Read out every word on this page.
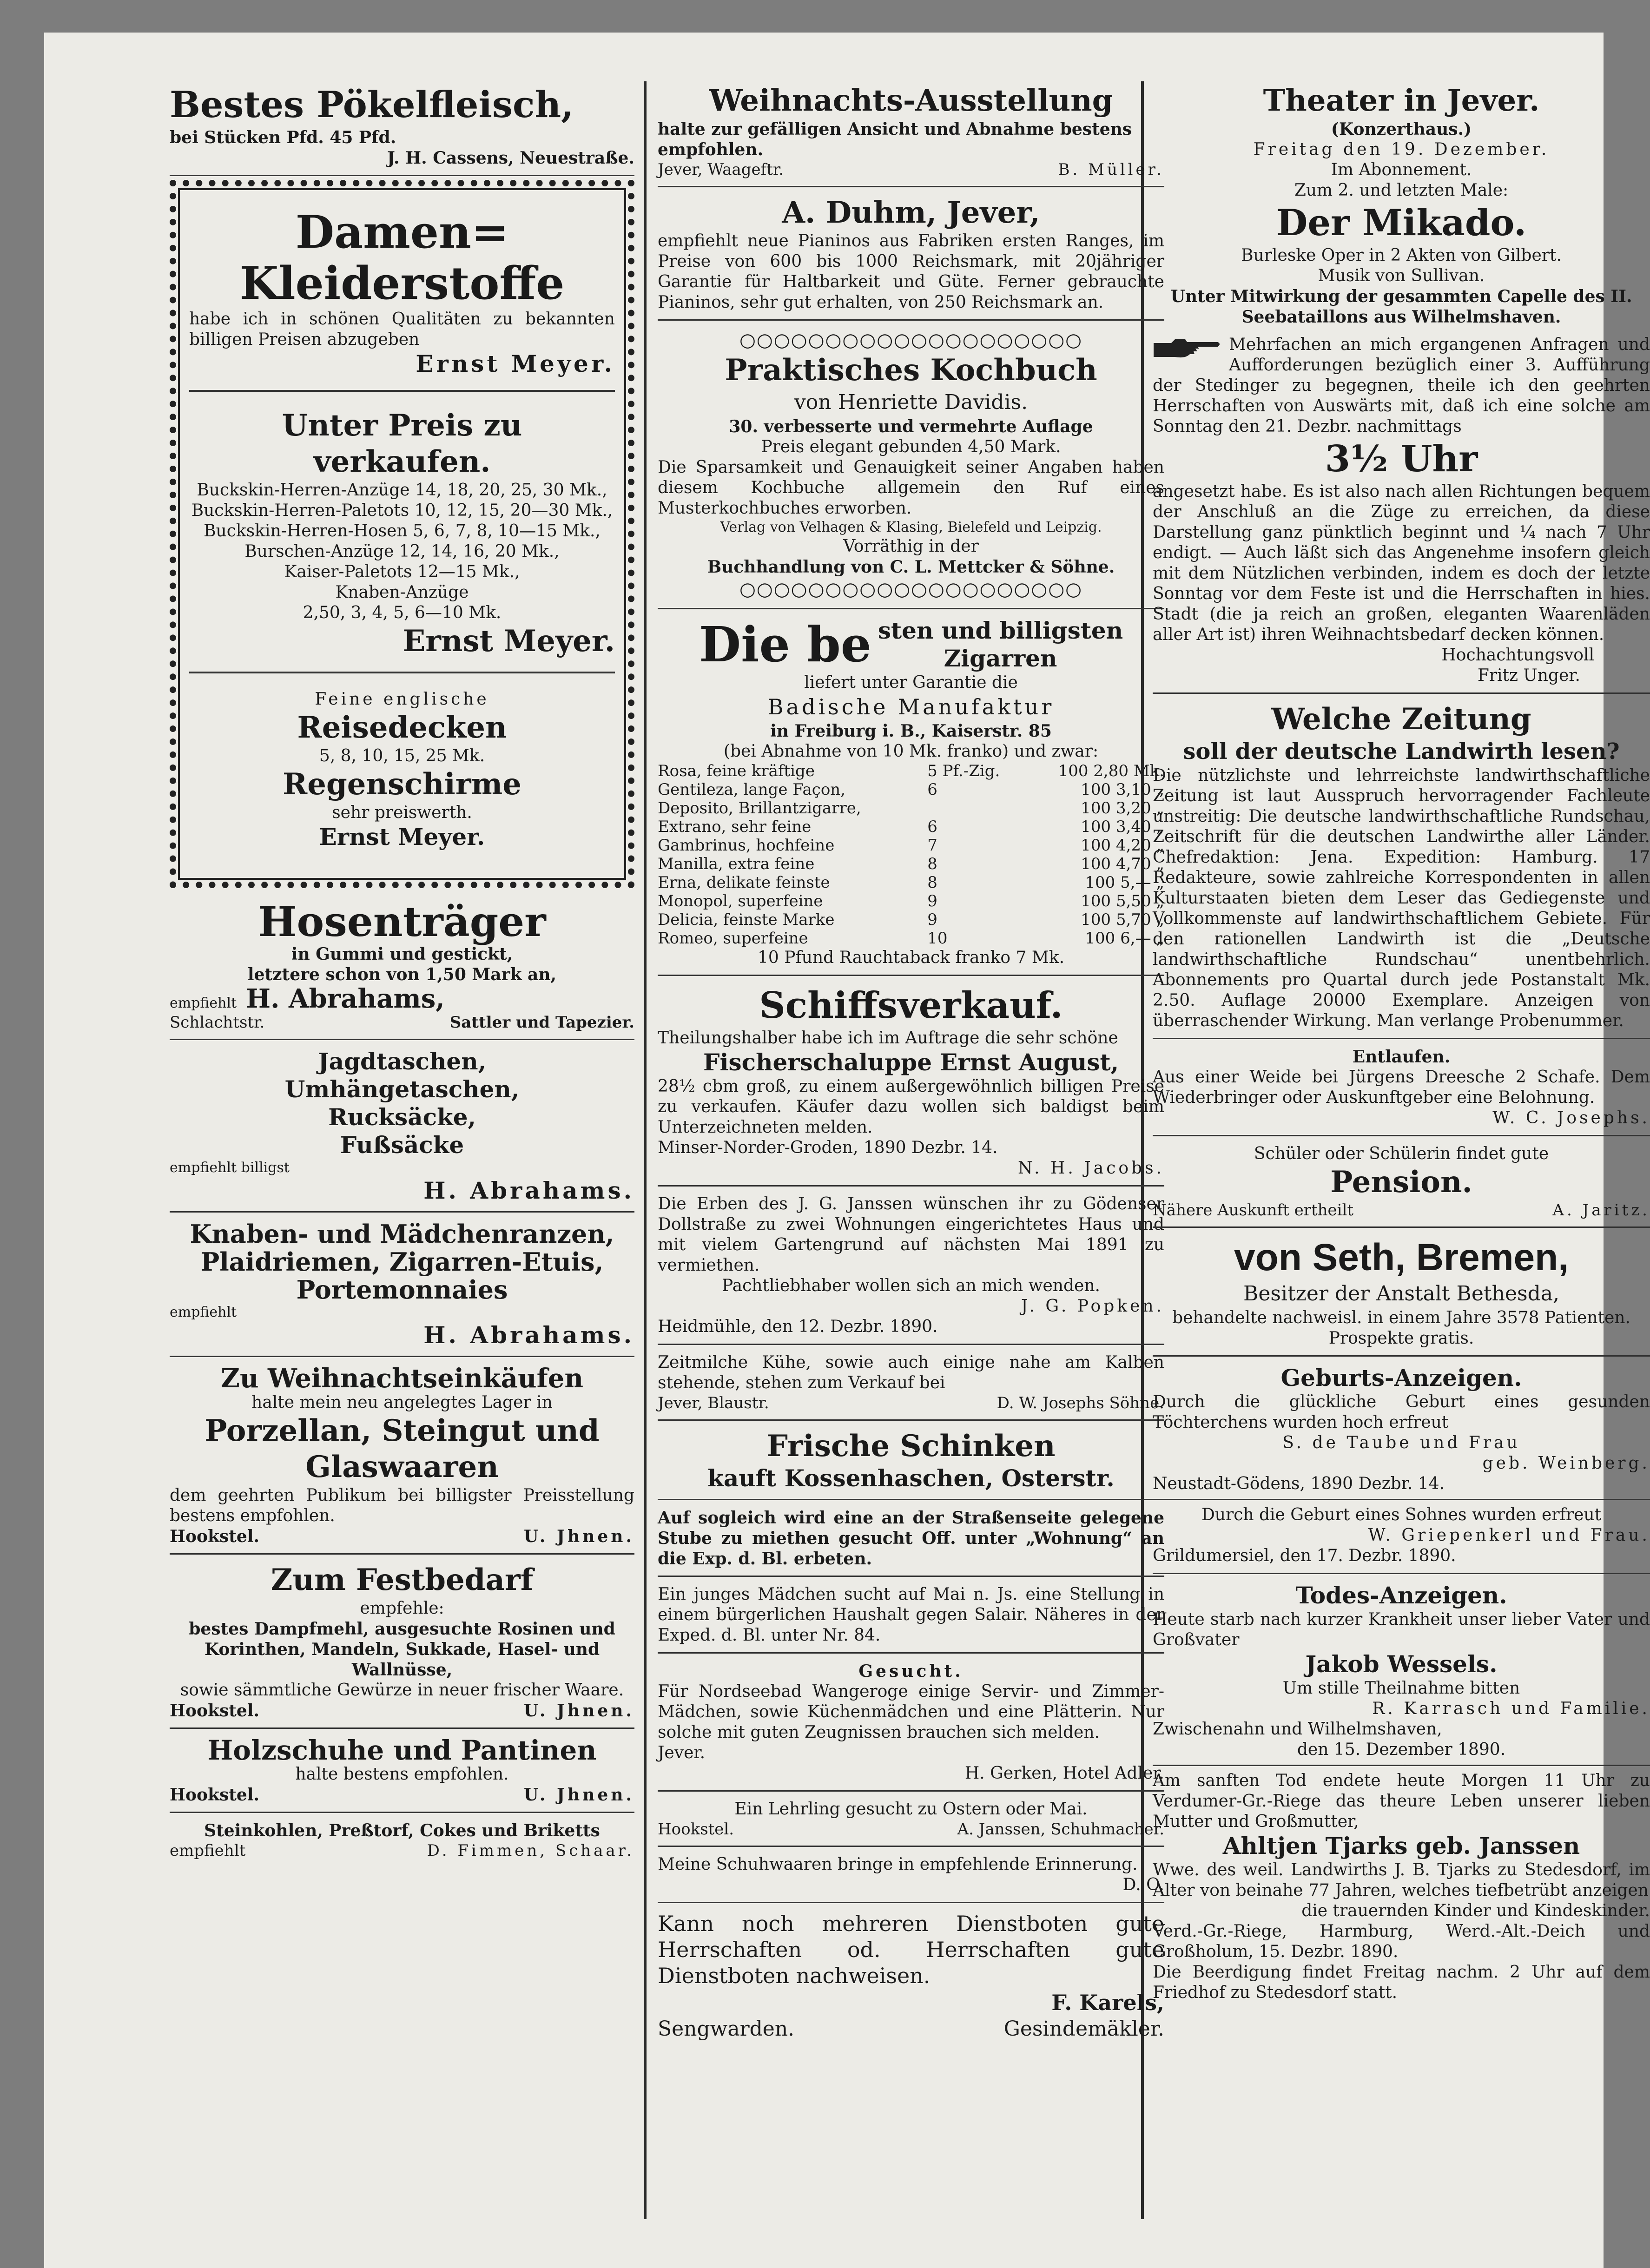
Bestes Pökelfleisch,
bei Stücken Pfd. 45 Pfd.
J. H. Cassens, Neuestraße.
Damen=
Kleiderstoffe
habe ich in schönen Qualitäten zu bekannten billigen Preisen abzugeben
Ernst Meyer.
Unter Preis zu verkaufen.
Buckskin-Herren-Anzüge 14, 18, 20, 25, 30 Mk.,
Buckskin-Herren-Paletots 10, 12, 15, 20—30 Mk.,
Buckskin-Herren-Hosen 5, 6, 7, 8, 10—15 Mk.,
Burschen-Anzüge 12, 14, 16, 20 Mk.,
Kaiser-Paletots 12—15 Mk.,
Knaben-Anzüge
2,50, 3, 4, 5, 6—10 Mk.
Ernst Meyer.
Feine englische
Reisedecken
5, 8, 10, 15, 25 Mk.
Regenschirme
sehr preiswerth.
Ernst Meyer.
Hosenträger
in Gummi und gestickt,
letztere schon von 1,50 Mark an,
empfiehlt H. Abrahams,
Schlachtstr.	Sattler und Tapezier.
Jagdtaschen,
Umhängetaschen,
Rucksäcke,
Fußsäcke
empfiehlt billigst
H. Abrahams.
Knaben- und Mädchenranzen,
Plaidriemen, Zigarren-Etuis,
Portemonnaies
empfiehlt
H. Abrahams.
Zu Weihnachtseinkäufen
halte mein neu angelegtes Lager in
Porzellan, Steingut und
Glaswaaren
dem geehrten Publikum bei billigster Preisstellung bestens empfohlen.
Hookstel.	U. Jhnen.
Zum Festbedarf
empfehle:
bestes Dampfmehl, ausgesuchte Rosinen und Korinthen, Mandeln, Sukkade, Hasel- und Wallnüsse,
sowie sämmtliche Gewürze in neuer frischer Waare.
Hookstel.	U. Jhnen.
Holzschuhe und Pantinen
halte bestens empfohlen.
Hookstel.	U. Jhnen.
Steinkohlen, Preßtorf, Cokes und Briketts
empfiehlt	D. Fimmen, Schaar.
Weihnachts-Ausstellung
halte zur gefälligen Ansicht und Abnahme bestens empfohlen.
Jever, Waageftr.	B. Müller.
A. Duhm, Jever,
empfiehlt neue Pianinos aus Fabriken ersten Ranges, im Preise von 600 bis 1000 Reichsmark, mit 20jähriger Garantie für Haltbarkeit und Güte. Ferner gebrauchte Pianinos, sehr gut erhalten, von 250 Reichsmark an.
○○○○○○○○○○○○○○○○○○○○
Praktisches Kochbuch
von Henriette Davidis.
30. verbesserte und vermehrte Auflage
Preis elegant gebunden 4,50 Mark.
Die Sparsamkeit und Genauigkeit seiner Angaben haben diesem Kochbuche allgemein den Ruf eines Musterkochbuches erworben.
Verlag von Velhagen & Klasing, Bielefeld und Leipzig.
Vorräthig in der
Buchhandlung von C. L. Mettcker & Söhne.
○○○○○○○○○○○○○○○○○○○○
Die be sten und billigsten
Zigarren
liefert unter Garantie die
Badische Manufaktur
in Freiburg i. B., Kaiserstr. 85
(bei Abnahme von 10 Mk. franko) und zwar:
Rosa, feine kräftige	5 Pf.-Zig.	100 2,80 Mk.
Gentileza, lange Façon,	6	100 3,10 „
Deposito, Brillantzigarre,		100 3,20 „
Extrano, sehr feine	6	100 3,40 „
Gambrinus, hochfeine	7	100 4,20 „
Manilla, extra feine	8	100 4,70 „
Erna, delikate feinste	8	100 5,— „
Monopol, superfeine	9	100 5,50 „
Delicia, feinste Marke	9	100 5,70 „
Romeo, superfeine	10	100 6,— „
10 Pfund Rauchtaback franko 7 Mk.
Schiffsverkauf.
Theilungshalber habe ich im Auftrage die sehr schöne
Fischerschaluppe Ernst August,
28½ cbm groß, zu einem außergewöhnlich billigen Preise zu verkaufen. Käufer dazu wollen sich baldigst beim Unterzeichneten melden.
Minser-Norder-Groden, 1890 Dezbr. 14.
N. H. Jacobs.
Die Erben des J. G. Janssen wünschen ihr zu Gödenser Dollstraße zu zwei Wohnungen eingerichtetes Haus und mit vielem Gartengrund auf nächsten Mai 1891 zu vermiethen.
Pachtliebhaber wollen sich an mich wenden.
J. G. Popken.
Heidmühle, den 12. Dezbr. 1890.
Zeitmilche Kühe, sowie auch einige nahe am Kalben stehende, stehen zum Verkauf bei
Jever, Blaustr.	D. W. Josephs Söhne.
Frische Schinken
kauft Kossenhaschen, Osterstr.
Auf sogleich wird eine an der Straßenseite gelegene Stube zu miethen gesucht Off. unter „Wohnung“ an die Exp. d. Bl. erbeten.
Ein junges Mädchen sucht auf Mai n. Js. eine Stellung in einem bürgerlichen Haushalt gegen Salair. Näheres in der Exped. d. Bl. unter Nr. 84.
Gesucht.
Für Nordseebad Wangeroge einige Servir- und Zimmer-Mädchen, sowie Küchenmädchen und eine Plätterin. Nur solche mit guten Zeugnissen brauchen sich melden.
Jever.
H. Gerken, Hotel Adler.
Ein Lehrling gesucht zu Ostern oder Mai.
Hookstel.	A. Janssen, Schuhmacher.
Meine Schuhwaaren bringe in empfehlende Erinnerung.
D. O.
Kann noch mehreren Dienstboten gute Herrschaften od. Herrschaften gute Dienstboten nachweisen.
F. Karels,
Sengwarden.	Gesindemäkler.
Theater in Jever.
(Konzerthaus.)
Freitag den 19. Dezember.
Im Abonnement.
Zum 2. und letzten Male:
Der Mikado.
Burleske Oper in 2 Akten von Gilbert.
Musik von Sullivan.
Unter Mitwirkung der gesammten Capelle des II. Seebataillons aus Wilhelmshaven.
Mehrfachen an mich ergangenen Anfragen und Aufforderungen bezüglich einer 3. Aufführung der Stedinger zu begegnen, theile ich den geehrten Herrschaften von Auswärts mit, daß ich eine solche am Sonntag den 21. Dezbr. nachmittags
3½ Uhr
angesetzt habe. Es ist also nach allen Richtungen bequem der Anschluß an die Züge zu erreichen, da diese Darstellung ganz pünktlich beginnt und ¼ nach 7 Uhr endigt. — Auch läßt sich das Angenehme insofern gleich mit dem Nützlichen verbinden, indem es doch der letzte Sonntag vor dem Feste ist und die Herrschaften in hies. Stadt (die ja reich an großen, eleganten Waarenläden aller Art ist) ihren Weihnachtsbedarf decken können.
Hochachtungsvoll
Fritz Unger.
Welche Zeitung
soll der deutsche Landwirth lesen?
Die nützlichste und lehrreichste landwirthschaftliche Zeitung ist laut Ausspruch hervorragender Fachleute unstreitig: Die deutsche landwirthschaftliche Rundschau, Zeitschrift für die deutschen Landwirthe aller Länder. Chefredaktion: Jena. Expedition: Hamburg. 17 Redakteure, sowie zahlreiche Korrespondenten in allen Kulturstaaten bieten dem Leser das Gediegenste und Vollkommenste auf landwirthschaftlichem Gebiete. Für den rationellen Landwirth ist die „Deutsche landwirthschaftliche Rundschau“ unentbehrlich. Abonnements pro Quartal durch jede Postanstalt Mk. 2.50. Auflage 20000 Exemplare. Anzeigen von überraschender Wirkung. Man verlange Probenummer.
Entlaufen.
Aus einer Weide bei Jürgens Dreesche 2 Schafe. Dem Wiederbringer oder Auskunftgeber eine Belohnung.
W. C. Josephs.
Schüler oder Schülerin findet gute
Pension.
Nähere Auskunft ertheilt	A. Jaritz.
von Seth, Bremen,
Besitzer der Anstalt Bethesda,
behandelte nachweisl. in einem Jahre 3578 Patienten.
Prospekte gratis.
Geburts-Anzeigen.
Durch die glückliche Geburt eines gesunden Töchterchens wurden hoch erfreut
S. de Taube und Frau
geb. Weinberg.
Neustadt-Gödens, 1890 Dezbr. 14.
Durch die Geburt eines Sohnes wurden erfreut
W. Griepenkerl und Frau.
Grildumersiel, den 17. Dezbr. 1890.
Todes-Anzeigen.
Heute starb nach kurzer Krankheit unser lieber Vater und Großvater
Jakob Wessels.
Um stille Theilnahme bitten
R. Karrasch und Familie.
Zwischenahn und Wilhelmshaven,
den 15. Dezember 1890.
Am sanften Tod endete heute Morgen 11 Uhr zu Verdumer-Gr.-Riege das theure Leben unserer lieben Mutter und Großmutter,
Ahltjen Tjarks geb. Janssen
Wwe. des weil. Landwirths J. B. Tjarks zu Stedesdorf, im Alter von beinahe 77 Jahren, welches tiefbetrübt anzeigen
die trauernden Kinder und Kindeskinder.
Verd.-Gr.-Riege, Harmburg, Werd.-Alt.-Deich und Großholum, 15. Dezbr. 1890.
Die Beerdigung findet Freitag nachm. 2 Uhr auf dem Friedhof zu Stedesdorf statt.
